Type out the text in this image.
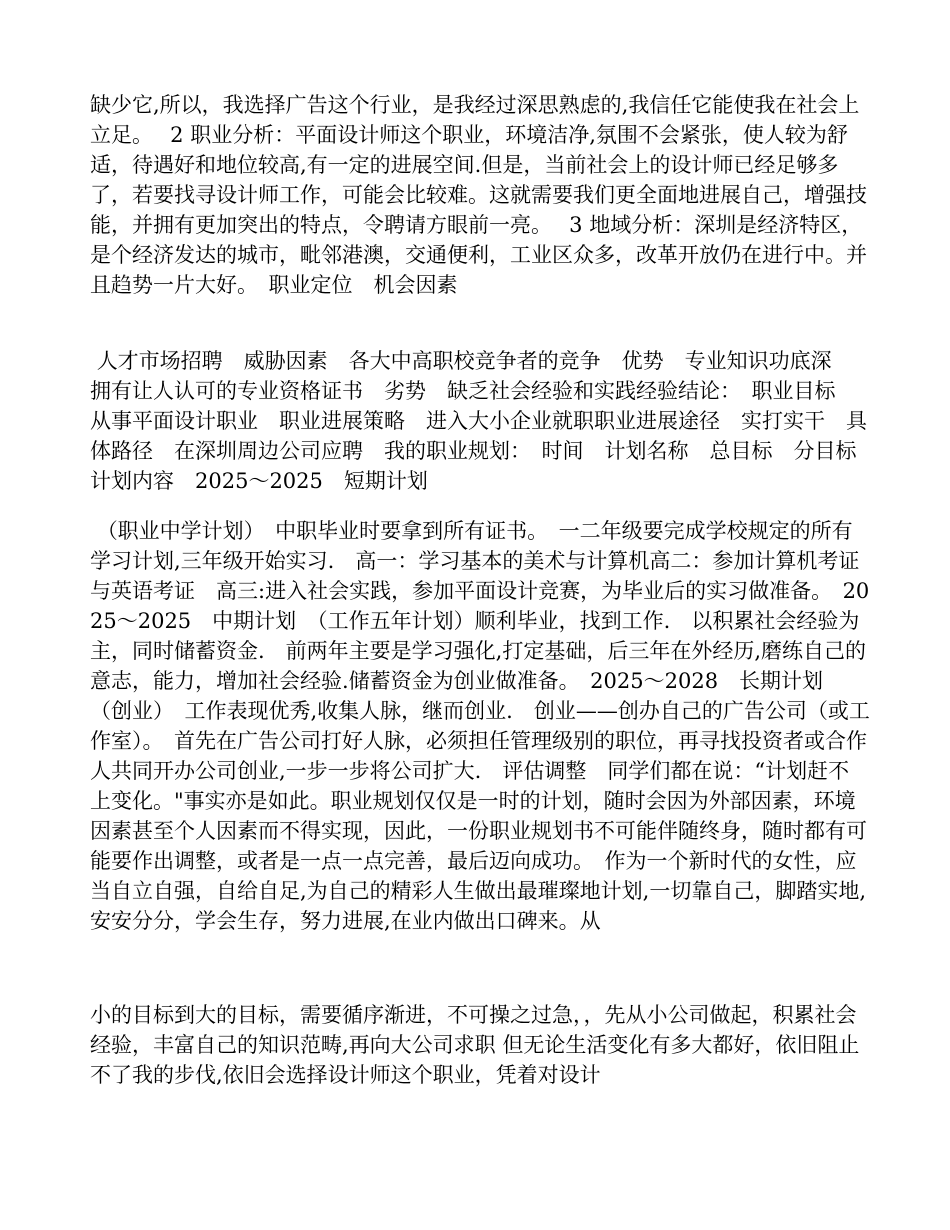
缺少它,所以，我选择广告这个行业，是我经过深思熟虑的,我信任它能使我在社会上立足。　 2 职业分析：平面设计师这个职业，环境洁净,氛围不会紧张，使人较为舒适，待遇好和地位较高,有一定的进展空间.但是，当前社会上的设计师已经足够多了，若要找寻设计师工作，可能会比较难。这就需要我们更全面地进展自己，增强技能，并拥有更加突出的特点，令聘请方眼前一亮。　 3 地域分析：深圳是经济特区，是个经济发达的城市，毗邻港澳，交通便利，工业区众多，改革开放仍在进行中。并且趋势一片大好。　职业定位　机会因素

人才市场招聘　威胁因素　各大中高职校竞争者的竞争　优势　专业知识功底深　拥有让人认可的专业资格证书　劣势　缺乏社会经验和实践经验结论：　职业目标　从事平面设计职业　职业进展策略　进入大小企业就职职业进展途径　实打实干　具体路径　在深圳周边公司应聘　我的职业规划：　时间　计划名称　总目标　分目标　计划内容　2025～2025　短期计划

（职业中学计划）　中职毕业时要拿到所有证书。　一二年级要完成学校规定的所有学习计划,三年级开始实习.　高一：学习基本的美术与计算机高二：参加计算机考证与英语考证　高三:进入社会实践，参加平面设计竞赛，为毕业后的实习做准备。　2025～2025　中期计划　（工作五年计划）顺利毕业，找到工作.　以积累社会经验为主，同时储蓄资金.　前两年主要是学习强化,打定基础，后三年在外经历,磨练自己的意志，能力，增加社会经验.储蓄资金为创业做准备。　2025～2028　长期计划　（创业）　工作表现优秀,收集人脉，继而创业.　创业——创办自己的广告公司（或工作室）。　首先在广告公司打好人脉，必须担任管理级别的职位，再寻找投资者或合作人共同开办公司创业,一步一步将公司扩大.　评估调整　同学们都在说：“计划赶不上变化。"事实亦是如此。职业规划仅仅是一时的计划，随时会因为外部因素，环境因素甚至个人因素而不得实现，因此，一份职业规划书不可能伴随终身，随时都有可能要作出调整，或者是一点一点完善，最后迈向成功。　作为一个新时代的女性，应当自立自强，自给自足,为自己的精彩人生做出最璀璨地计划,一切靠自己，脚踏实地,安安分分，学会生存，努力进展,在业内做出口碑来。从

小的目标到大的目标，需要循序渐进，不可操之过急，，先从小公司做起，积累社会经验，丰富自己的知识范畴,再向大公司求职 但无论生活变化有多大都好，依旧阻止不了我的步伐,依旧会选择设计师这个职业，凭着对设计
